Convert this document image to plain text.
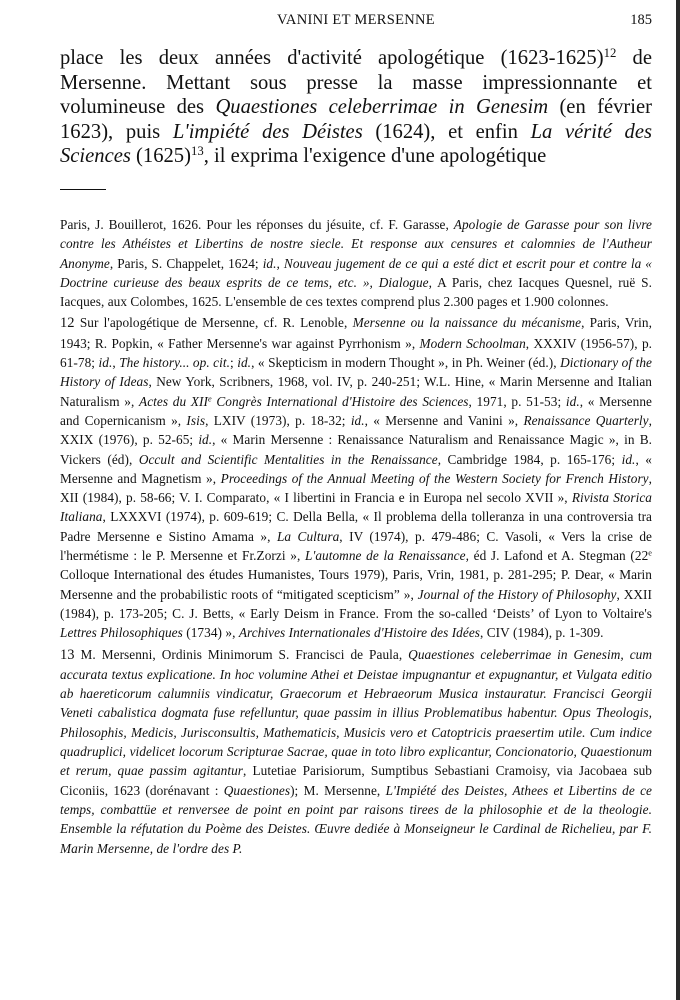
VANINI ET MERSENNE	185

place les deux années d'activité apologétique (1623-1625)$^{12}$ de Mersenne. Mettant sous presse la masse impressionnante et volumineuse des Quaestiones celeberrimae in Genesim (en février 1623), puis L'impiété des Déistes (1624), et enfin La vérité des Sciences $(1625)^{13}$, il exprima l'exigence d'une apologétique

Paris, J. Bouillerot, 1626. Pour les réponses du jésuite, cf. F. Garasse, Apologie de Garasse pour son livre contre les Athéistes et Libertins de nostre siecle. Et response aux censures et calomnies de l'Autheur Anonyme, Paris, S. Chappelet, 1624; id., Nouveau jugement de ce qui a esté dict et escrit pour et contre la « Doctrine curieuse des beaux esprits de ce tems, etc. », Dialogue, A Paris, chez Iacques Quesnel, ruë S. Iacques, aux Colombes, 1625. L'ensemble de ces textes comprend plus 2.300 pages et 1.900 colonnes.

12 Sur l'apologétique de Mersenne, cf. R. Lenoble, Mersenne ou la naissance du mécanisme, Paris, Vrin, 1943; R. Popkin, « Father Mersenne's war against Pyrrhonism », Modern Schoolman, XXXIV (1956-57), p. 61-78; id., The history... op. cit.; id., « Skepticism in modern Thought », in Ph. Weiner (éd.), Dictionary of the History of Ideas, New York, Scribners, 1968, vol. IV, p. 240-251; W.L. Hine, « Marin Mersenne and Italian Naturalism », Actes du XIIe Congrès International d'Histoire des Sciences, 1971, p. 51-53; id., « Mersenne and Copernicanism », Isis, LXIV (1973), p. 18-32; id., « Mersenne and Vanini », Renaissance Quarterly, XXIX (1976), p. 52-65; id., « Marin Mersenne : Renaissance Naturalism and Renaissance Magic », in B. Vickers (éd), Occult and Scientific Mentalities in the Renaissance, Cambridge 1984, p. 165-176; id., « Mersenne and Magnetism », Proceedings of the Annual Meeting of the Western Society for French History, XII (1984), p. 58-66; V. I. Comparato, « I libertini in Francia e in Europa nel secolo XVII », Rivista Storica Italiana, LXXXVI (1974), p. 609-619; C. Della Bella, « Il problema della tolleranza in una controversia tra Padre Mersenne e Sistino Amama », La Cultura, IV (1974), p. 479-486; C. Vasoli, « Vers la crise de l'hermétisme : le P. Mersenne et Fr.Zorzi », L'automne de la Renaissance, éd J. Lafond et A. Stegman (22e Colloque International des études Humanistes, Tours 1979), Paris, Vrin, 1981, p. 281-295; P. Dear, « Marin Mersenne and the probabilistic roots of “mitigated scepticism” », Journal of the History of Philosophy, XXII (1984), p. 173-205; C. J. Betts, « Early Deism in France. From the so-called ‘Deists’ of Lyon to Voltaire's Lettres Philosophiques (1734) », Archives Internationales d'Histoire des Idées, CIV (1984), p. 1-309.

13 M. Mersenni, Ordinis Minimorum S. Francisci de Paula, Quaestiones celeberrimae in Genesim, cum accurata textus explicatione. In hoc volumine Athei et Deistae impugnantur et expugnantur, et Vulgata editio ab haereticorum calumniis vindicatur, Graecorum et Hebraeorum Musica instauratur. Francisci Georgii Veneti cabalistica dogmata fuse refelluntur, quae passim in illius Problematibus habentur. Opus Theologis, Philosophis, Medicis, Jurisconsultis, Mathematicis, Musicis vero et Catoptricis praesertim utile. Cum indice quadruplici, videlicet locorum Scripturae Sacrae, quae in toto libro explicantur, Concionatorio, Quaestionum et rerum, quae passim agitantur, Lutetiae Parisiorum, Sumptibus Sebastiani Cramoisy, via Jacobaea sub Ciconiis, 1623 (dorénavant : Quaestiones); M. Mersenne, L'Impiété des Deistes, Athees et Libertins de ce temps, combattüe et renversee de point en point par raisons tirees de la philosophie et de la theologie. Ensemble la réfutation du Poème des Deistes. Œuvre dediée à Monseigneur le Cardinal de Richelieu, par F. Marin Mersenne, de l'ordre des P.
